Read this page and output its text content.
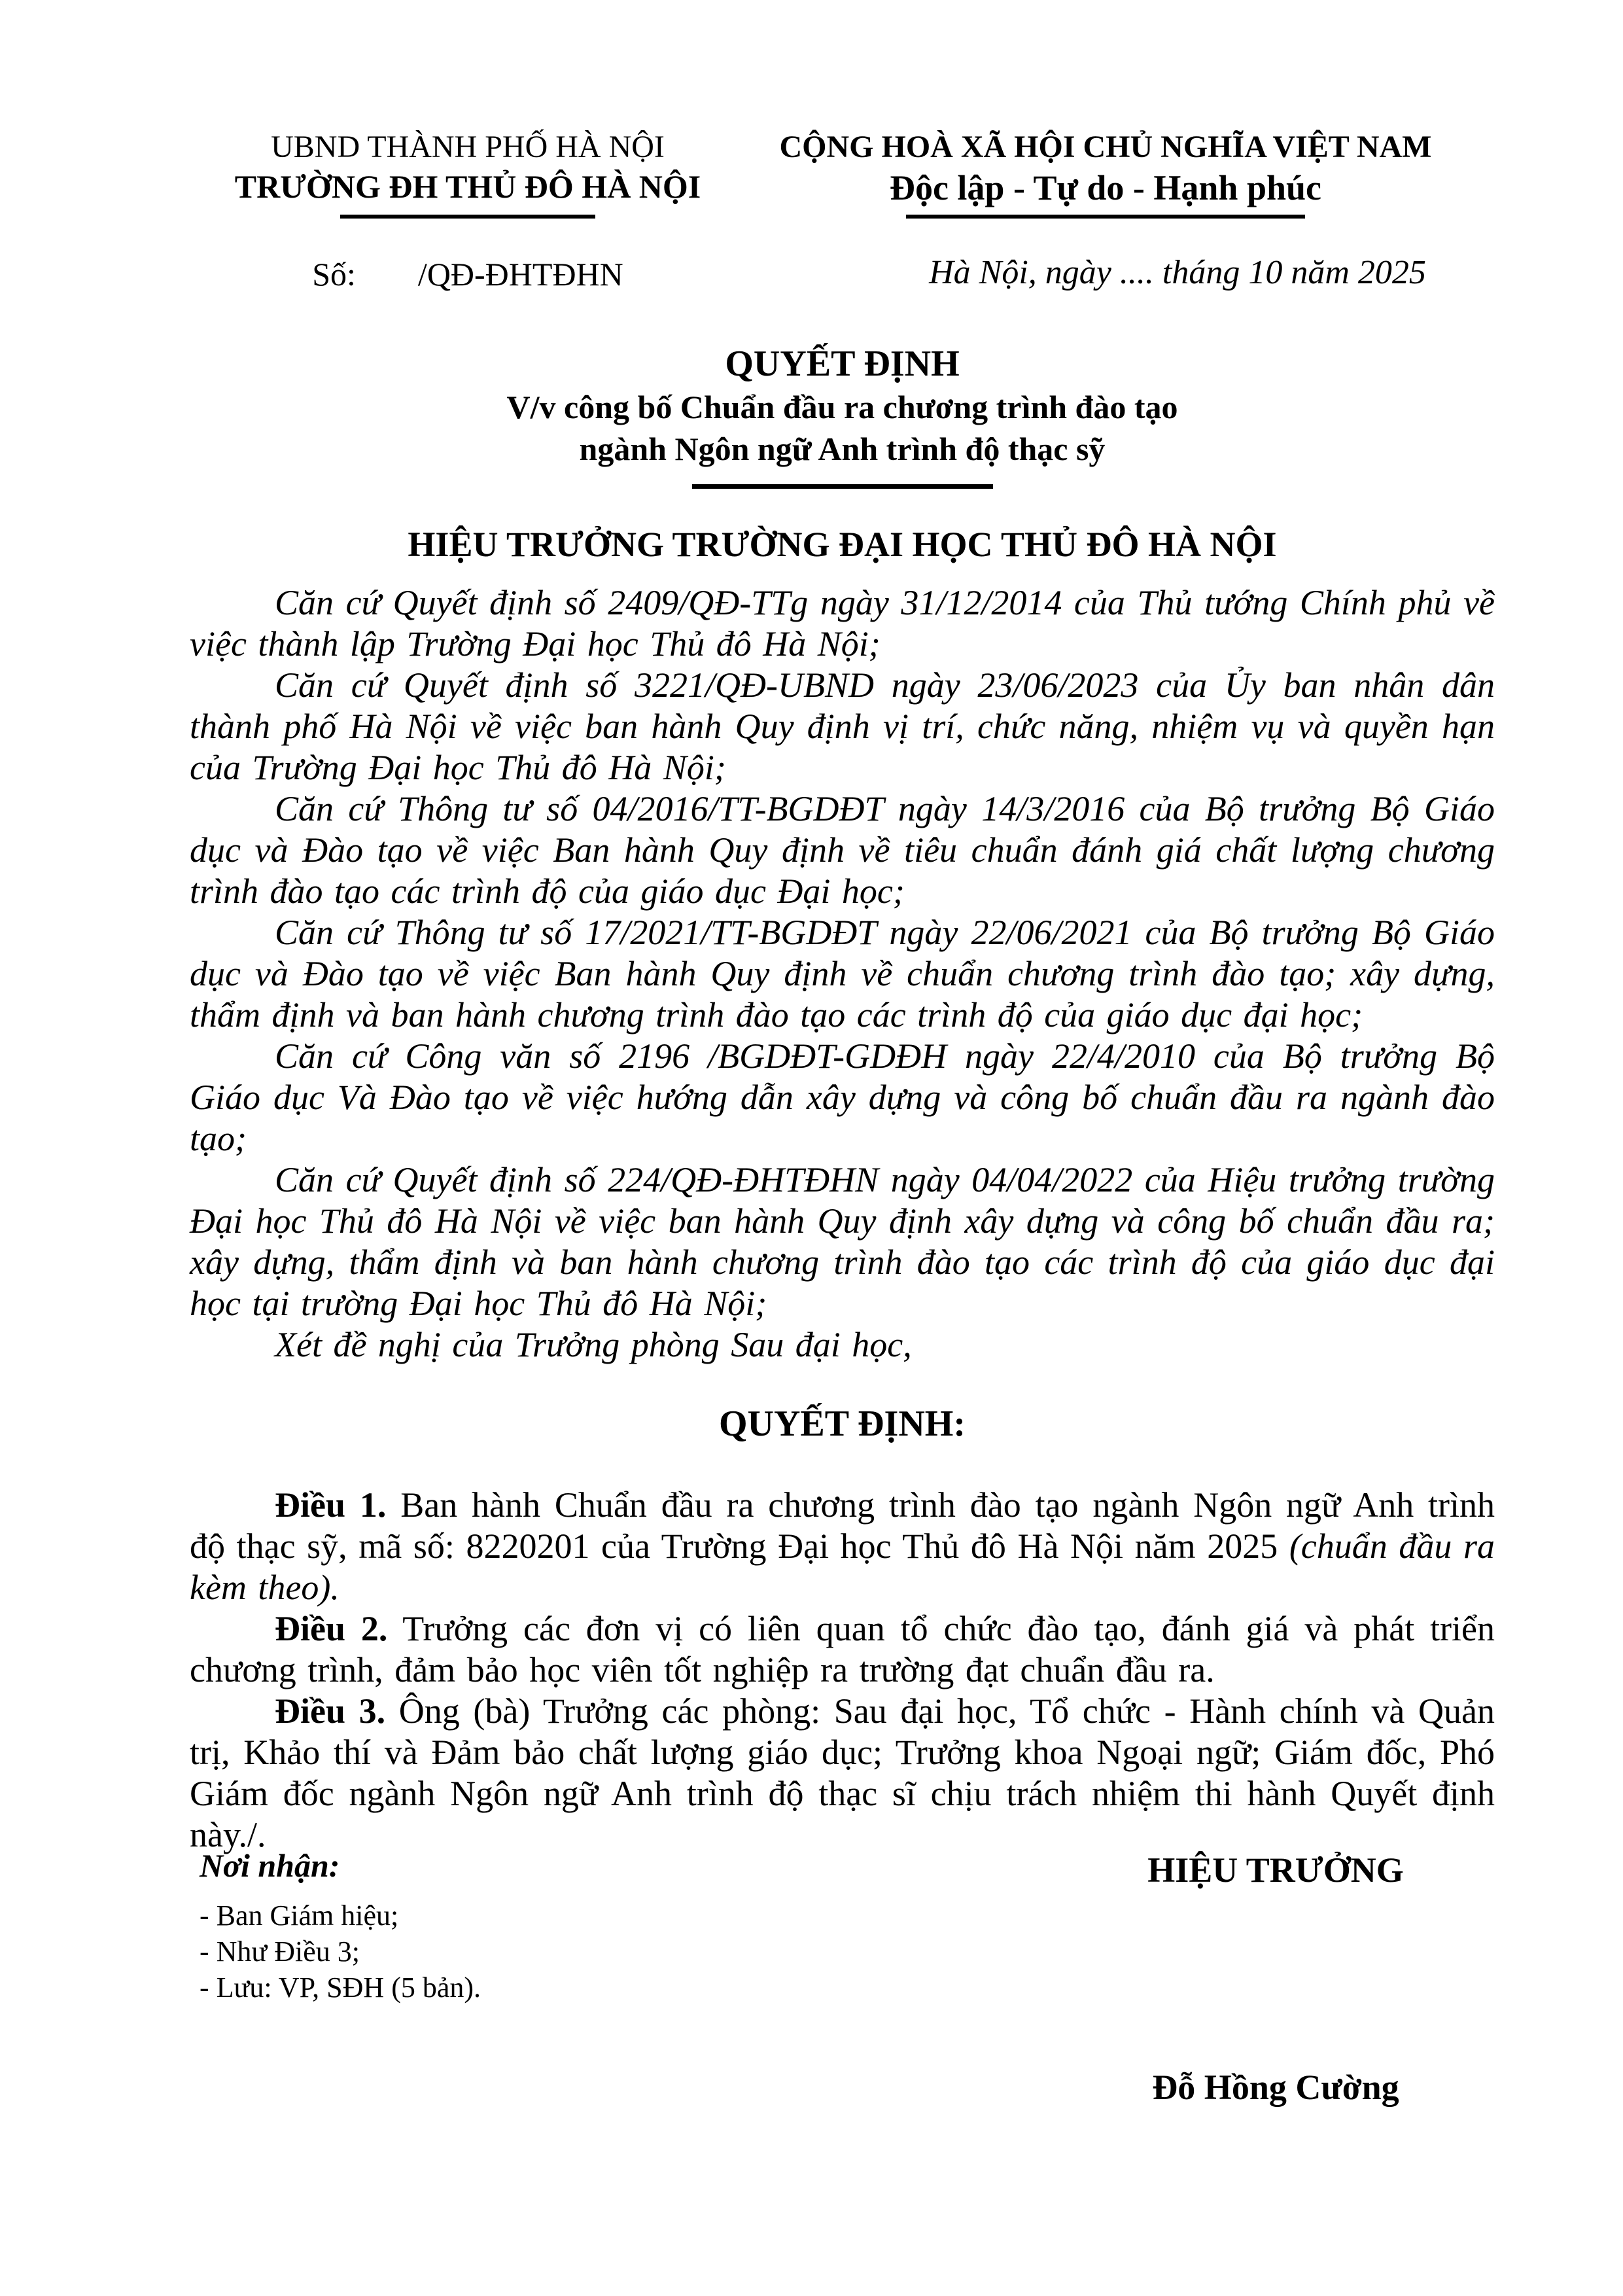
UBND THÀNH PHỐ HÀ NỘI
TRƯỜNG ĐH THỦ ĐÔ HÀ NỘI
Số: /QĐ-ĐHTĐHN
CỘNG HOÀ XÃ HỘI CHỦ NGHĨA VIỆT NAM
Độc lập - Tự do - Hạnh phúc
Hà Nội, ngày .... tháng 10 năm 2025
QUYẾT ĐỊNH
V/v công bố Chuẩn đầu ra chương trình đào tạo
ngành Ngôn ngữ Anh trình độ thạc sỹ
HIỆU TRƯỞNG TRƯỜNG ĐẠI HỌC THỦ ĐÔ HÀ NỘI

Căn cứ Quyết định số 2409/QĐ-TTg ngày 31/12/2014 của Thủ tướng Chính phủ về việc thành lập Trường Đại học Thủ đô Hà Nội;

Căn cứ Quyết định số 3221/QĐ-UBND ngày 23/06/2023 của Ủy ban nhân dân thành phố Hà Nội về việc ban hành Quy định vị trí, chức năng, nhiệm vụ và quyền hạn của Trường Đại học Thủ đô Hà Nội;

Căn cứ Thông tư số 04/2016/TT-BGDĐT ngày 14/3/2016 của Bộ trưởng Bộ Giáo dục và Đào tạo về việc Ban hành Quy định về tiêu chuẩn đánh giá chất lượng chương trình đào tạo các trình độ của giáo dục Đại học;

Căn cứ Thông tư số 17/2021/TT-BGDĐT ngày 22/06/2021 của Bộ trưởng Bộ Giáo dục và Đào tạo về việc Ban hành Quy định về chuẩn chương trình đào tạo; xây dựng, thẩm định và ban hành chương trình đào tạo các trình độ của giáo dục đại học;

Căn cứ Công văn số 2196 /BGDĐT-GDĐH ngày 22/4/2010 của Bộ trưởng Bộ Giáo dục Và Đào tạo về việc hướng dẫn xây dựng và công bố chuẩn đầu ra ngành đào tạo;

Căn cứ Quyết định số 224/QĐ-ĐHTĐHN ngày 04/04/2022 của Hiệu trưởng trường Đại học Thủ đô Hà Nội về việc ban hành Quy định xây dựng và công bố chuẩn đầu ra; xây dựng, thẩm định và ban hành chương trình đào tạo các trình độ của giáo dục đại học tại trường Đại học Thủ đô Hà Nội;

Xét đề nghị của Trưởng phòng Sau đại học,

QUYẾT ĐỊNH:

Điều 1. Ban hành Chuẩn đầu ra chương trình đào tạo ngành Ngôn ngữ Anh trình độ thạc sỹ, mã số: 8220201 của Trường Đại học Thủ đô Hà Nội năm 2025 (chuẩn đầu ra kèm theo).

Điều 2. Trưởng các đơn vị có liên quan tổ chức đào tạo, đánh giá và phát triển chương trình, đảm bảo học viên tốt nghiệp ra trường đạt chuẩn đầu ra.

Điều 3. Ông (bà) Trưởng các phòng: Sau đại học, Tổ chức - Hành chính và Quản trị, Khảo thí và Đảm bảo chất lượng giáo dục; Trưởng khoa Ngoại ngữ; Giám đốc, Phó Giám đốc ngành Ngôn ngữ Anh trình độ thạc sĩ chịu trách nhiệm thi hành Quyết định này./.

Nơi nhận:
- Ban Giám hiệu;
- Như Điều 3;
- Lưu: VP, SĐH (5 bản).
HIỆU TRƯỞNG
Đỗ Hồng Cường
